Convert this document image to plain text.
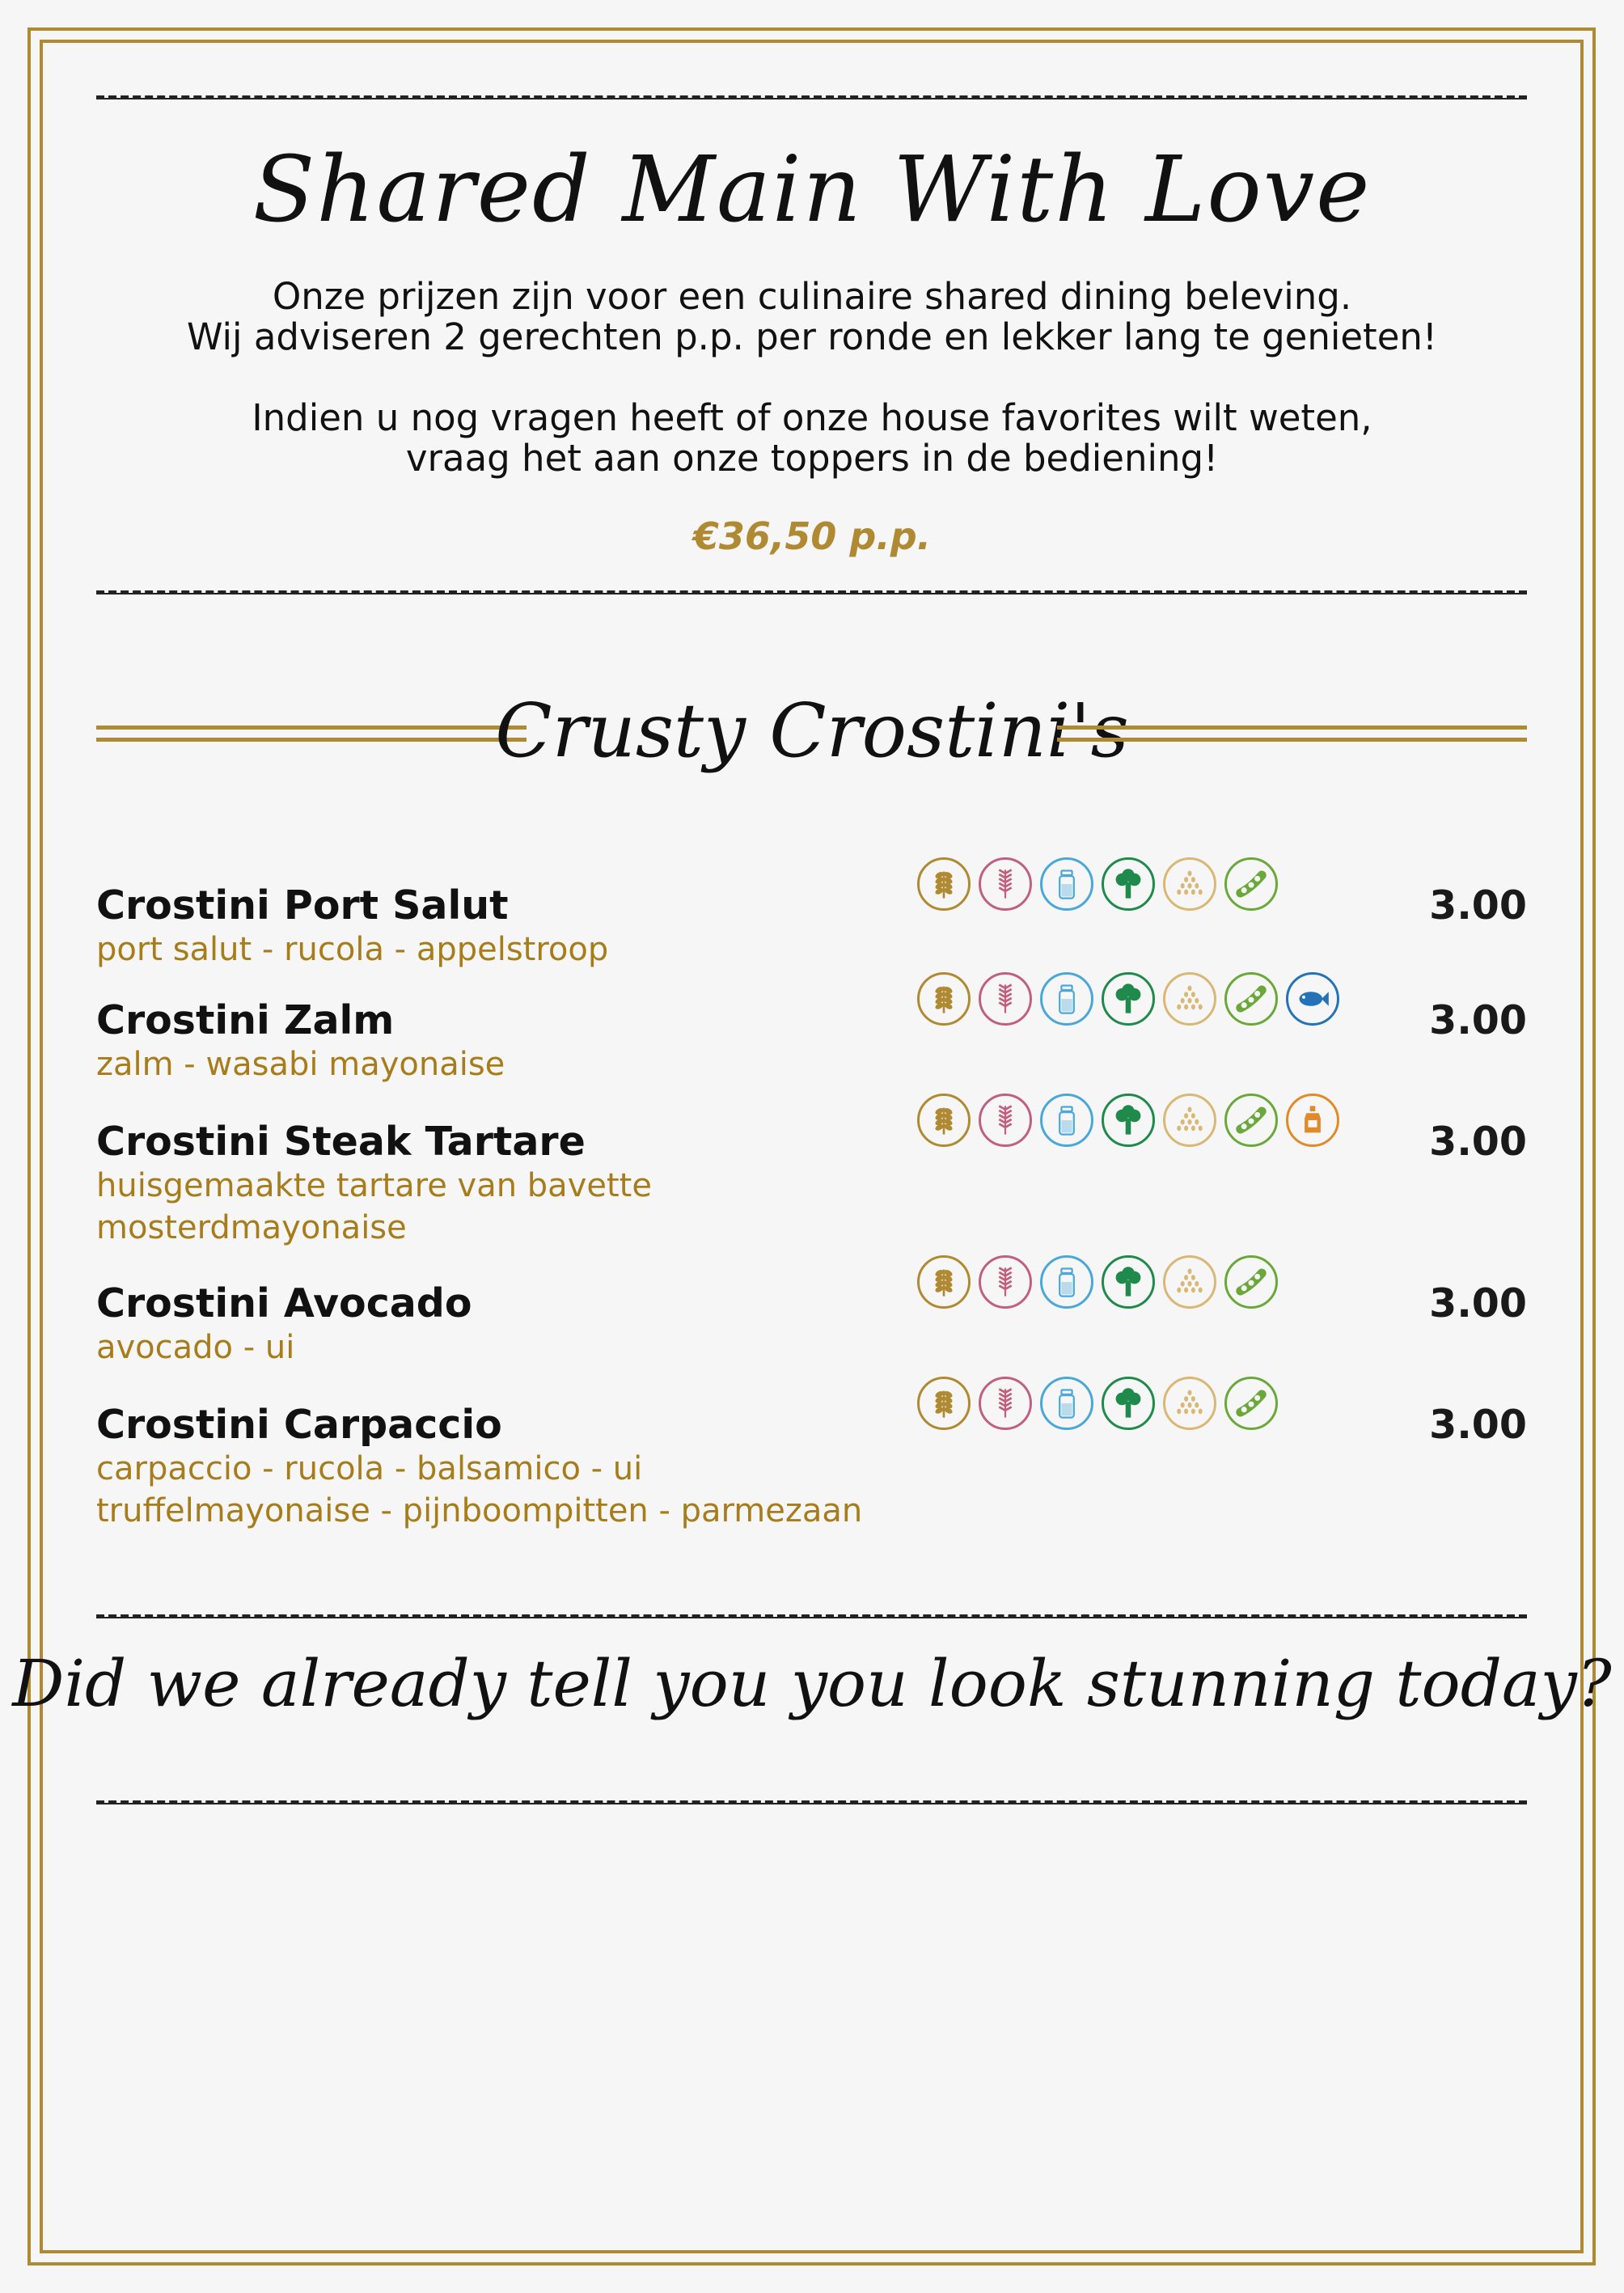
Shared Main With Love
Onze prijzen zijn voor een culinaire shared dining beleving.
Wij adviseren 2 gerechten p.p. per ronde en lekker lang te genieten!
Indien u nog vragen heeft of onze house favorites wilt weten,
vraag het aan onze toppers in de bediening!
€36,50 p.p.
Crusty Crostini's
Crostini Port Salut
port salut - rucola - appelstroop
3.00
Crostini Zalm
zalm - wasabi mayonaise
3.00
Crostini Steak Tartare
huisgemaakte tartare van bavette
mosterdmayonaise
3.00
Crostini Avocado
avocado - ui
3.00
Crostini Carpaccio
carpaccio - rucola - balsamico - ui
truffelmayonaise - pijnboompitten - parmezaan
3.00
Did we already tell you you look stunning today?
